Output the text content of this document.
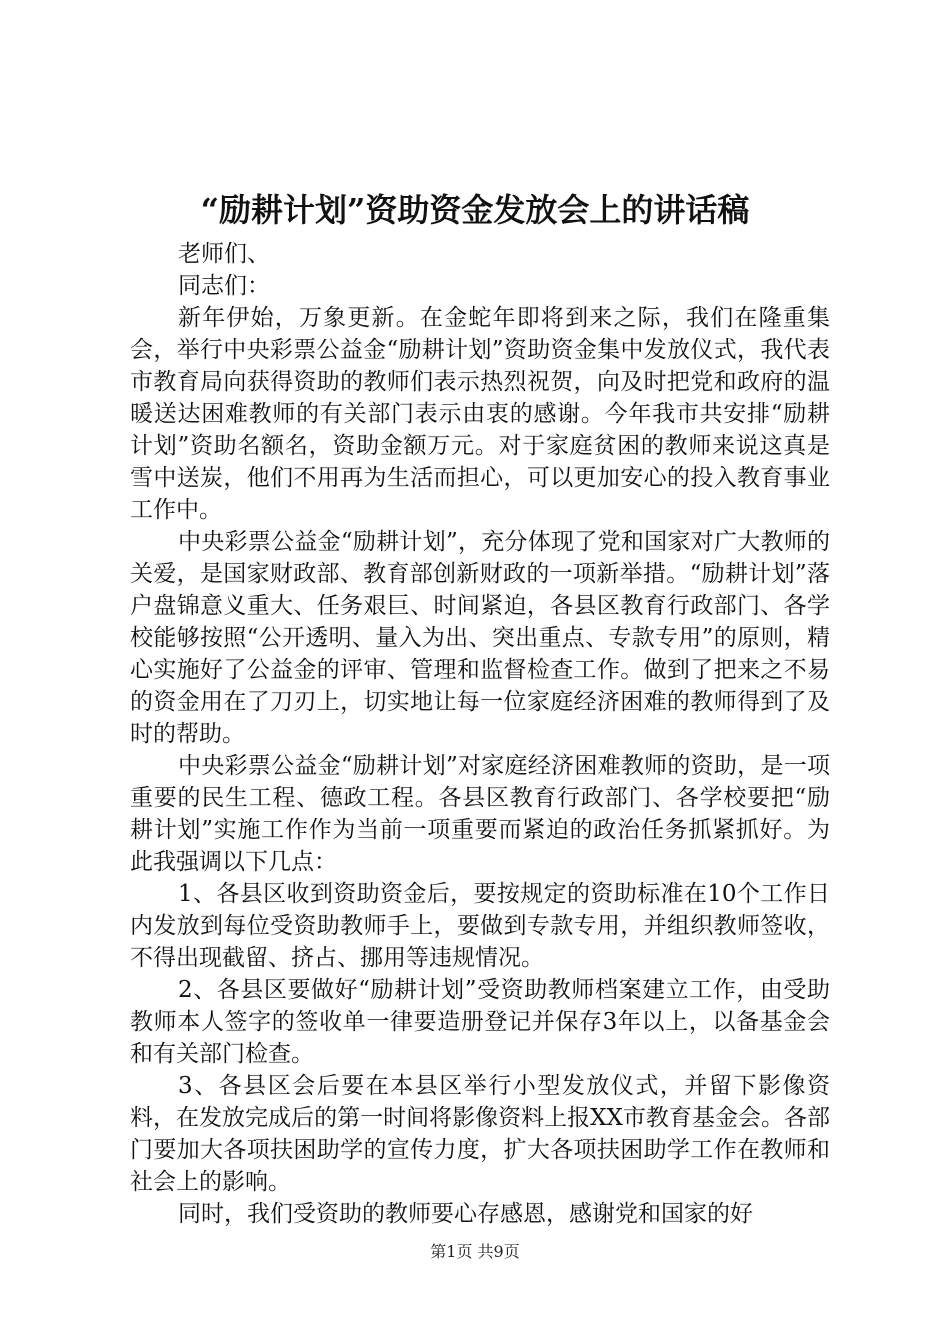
“励耕计划”资助资金发放会上的讲话稿

老师们、

同志们：

新年伊始，万象更新。在金蛇年即将到来之际，我们在隆重集会，举行中央彩票公益金“励耕计划”资助资金集中发放仪式，我代表市教育局向获得资助的教师们表示热烈祝贺，向及时把党和政府的温暖送达困难教师的有关部门表示由衷的感谢。今年我市共安排“励耕计划”资助名额名，资助金额万元。对于家庭贫困的教师来说这真是雪中送炭，他们不用再为生活而担心，可以更加安心的投入教育事业工作中。

中央彩票公益金“励耕计划”，充分体现了党和国家对广大教师的关爱，是国家财政部、教育部创新财政的一项新举措。“励耕计划”落户盘锦意义重大、任务艰巨、时间紧迫，各县区教育行政部门、各学校能够按照“公开透明、量入为出、突出重点、专款专用”的原则，精心实施好了公益金的评审、管理和监督检查工作。做到了把来之不易的资金用在了刀刃上，切实地让每一位家庭经济困难的教师得到了及时的帮助。

中央彩票公益金“励耕计划”对家庭经济困难教师的资助，是一项重要的民生工程、德政工程。各县区教育行政部门、各学校要把“励耕计划”实施工作作为当前一项重要而紧迫的政治任务抓紧抓好。为此我强调以下几点：

1、各县区收到资助资金后，要按规定的资助标准在10个工作日内发放到每位受资助教师手上，要做到专款专用，并组织教师签收，不得出现截留、挤占、挪用等违规情况。

2、各县区要做好“励耕计划”受资助教师档案建立工作，由受助教师本人签字的签收单一律要造册登记并保存3年以上，以备基金会和有关部门检查。

3、各县区会后要在本县区举行小型发放仪式，并留下影像资料，在发放完成后的第一时间将影像资料上报XX市教育基金会。各部门要加大各项扶困助学的宣传力度，扩大各项扶困助学工作在教师和社会上的影响。

同时，我们受资助的教师要心存感恩，感谢党和国家的好

第1页 共9页
